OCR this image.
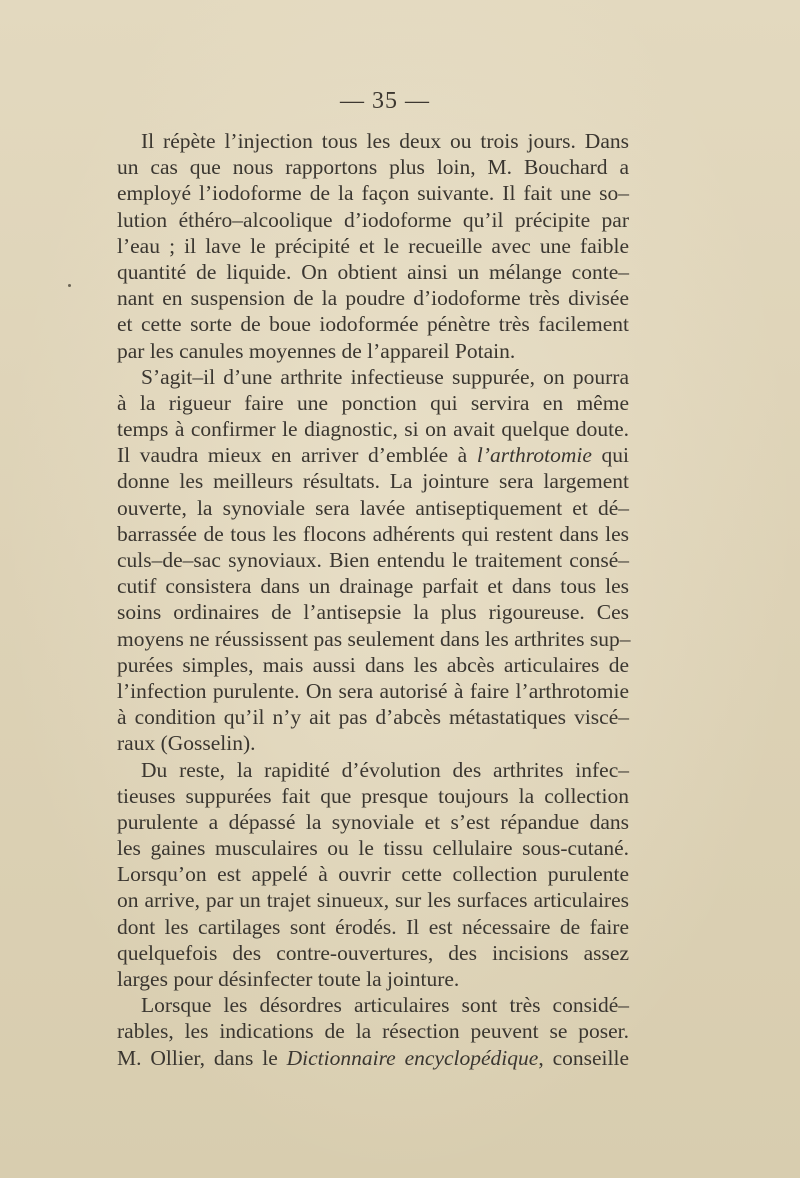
— 35 —
Il répète l’injection tous les deux ou trois jours. Dans
un cas que nous rapportons plus loin, M. Bouchard a
employé l’iodoforme de la façon suivante. Il fait une so–
lution éthéro–alcoolique d’iodoforme qu’il précipite par
l’eau ; il lave le précipité et le recueille avec une faible
quantité de liquide. On obtient ainsi un mélange conte–
nant en suspension de la poudre d’iodoforme très divisée
et cette sorte de boue iodoformée pénètre très facilement
par les canules moyennes de l’appareil Potain.
S’agit–il d’une arthrite infectieuse suppurée, on pourra
à la rigueur faire une ponction qui servira en même
temps à confirmer le diagnostic, si on avait quelque doute.
Il vaudra mieux en arriver d’emblée à l’arthrotomie qui
donne les meilleurs résultats. La jointure sera largement
ouverte, la synoviale sera lavée antiseptiquement et dé–
barrassée de tous les flocons adhérents qui restent dans les
culs–de–sac synoviaux. Bien entendu le traitement consé–
cutif consistera dans un drainage parfait et dans tous les
soins ordinaires de l’antisepsie la plus rigoureuse. Ces
moyens ne réussissent pas seulement dans les arthrites sup–
purées simples, mais aussi dans les abcès articulaires de
l’infection purulente. On sera autorisé à faire l’arthrotomie
à condition qu’il n’y ait pas d’abcès métastatiques viscé–
raux (Gosselin).
Du reste, la rapidité d’évolution des arthrites infec–
tieuses suppurées fait que presque toujours la collection
purulente a dépassé la synoviale et s’est répandue dans
les gaines musculaires ou le tissu cellulaire sous-cutané.
Lorsqu’on est appelé à ouvrir cette collection purulente
on arrive, par un trajet sinueux, sur les surfaces articulaires
dont les cartilages sont érodés. Il est nécessaire de faire
quelquefois des contre-ouvertures, des incisions assez
larges pour désinfecter toute la jointure.
Lorsque les désordres articulaires sont très considé–
rables, les indications de la résection peuvent se poser.
M. Ollier, dans le Dictionnaire encyclopédique, conseille
